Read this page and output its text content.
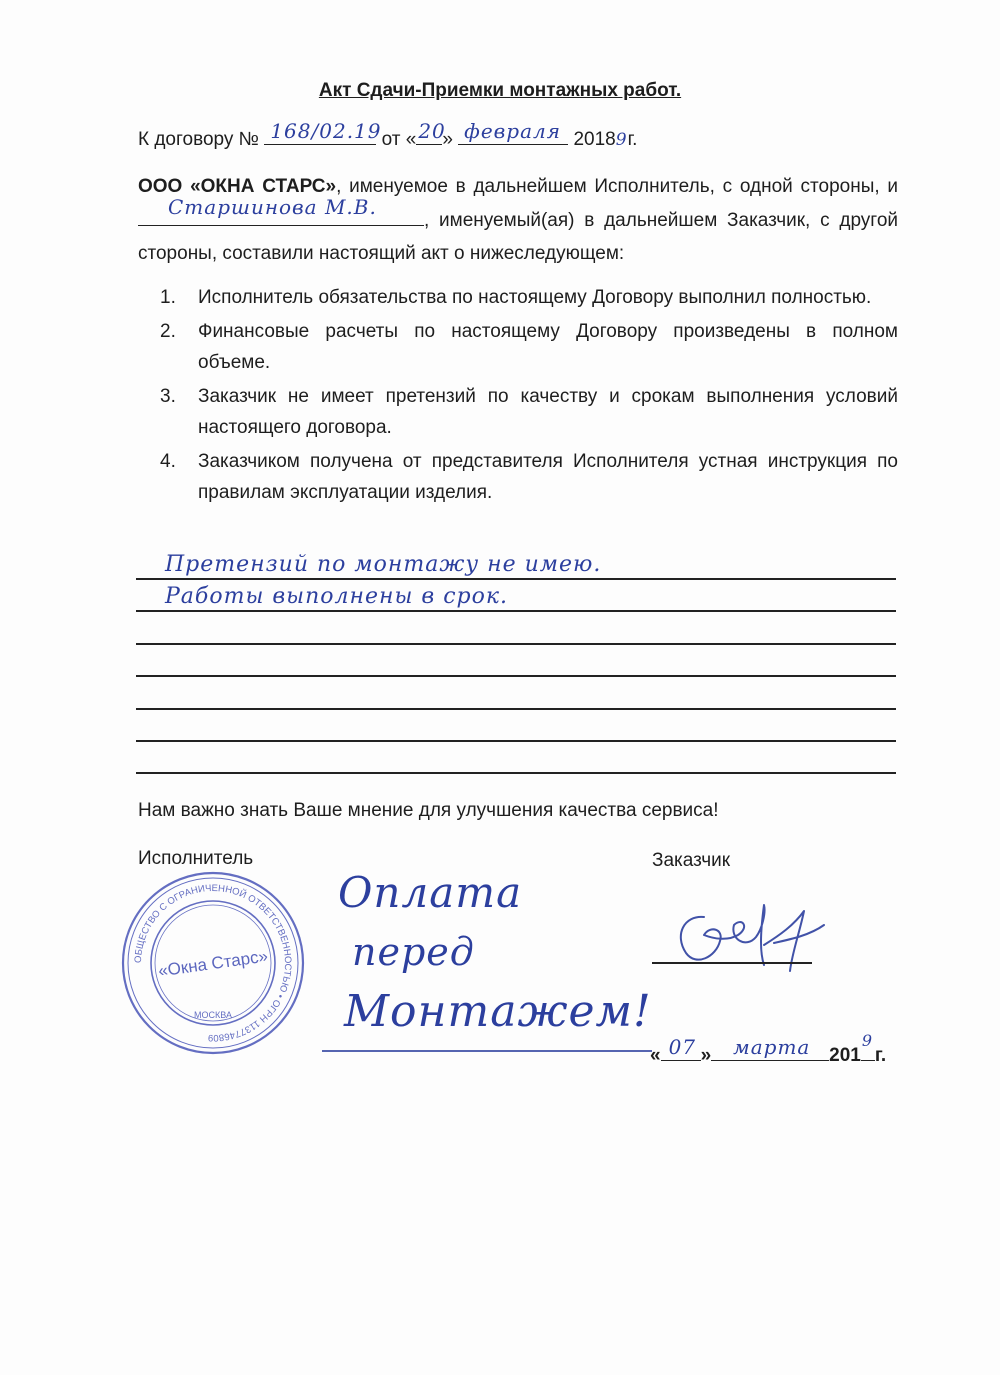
Акт Сдачи-Приемки монтажных работ.
К договору № 168/02.19 от « 20
» февраля 20189г.
ООО «ОКНА СТАРС», именуемое в дальнейшем Исполнитель, с одной стороны, и
Старшинова М.В.
, именуемый(ая) в дальнейшем Заказчик, с другой стороны, составили настоящий акт о нижеследующем:
1.	Исполнитель обязательства по настоящему Договору выполнил полностью.
2.	Финансовые расчеты по настоящему Договору произведены в полном объеме.
3.	Заказчик не имеет претензий по качеству и срокам выполнения условий настоящего договора.
4.	Заказчиком получена от представителя Исполнителя устная инструкция по правилам эксплуатации изделия.
Претензий по монтажу не имею.
Работы выполнены в срок.
Нам важно знать Ваше мнение для улучшения качества сервиса!
Исполнитель	Заказчик
ОБЩЕСТВО С ОГРАНИЧЕННОЙ ОТВЕТСТВЕННОСТЬЮ • ОГРН 1137746809
«Окна Старс»
МОСКВА
Оплата
перед
Монтажем!
« 07 » марта 201
9
г.
